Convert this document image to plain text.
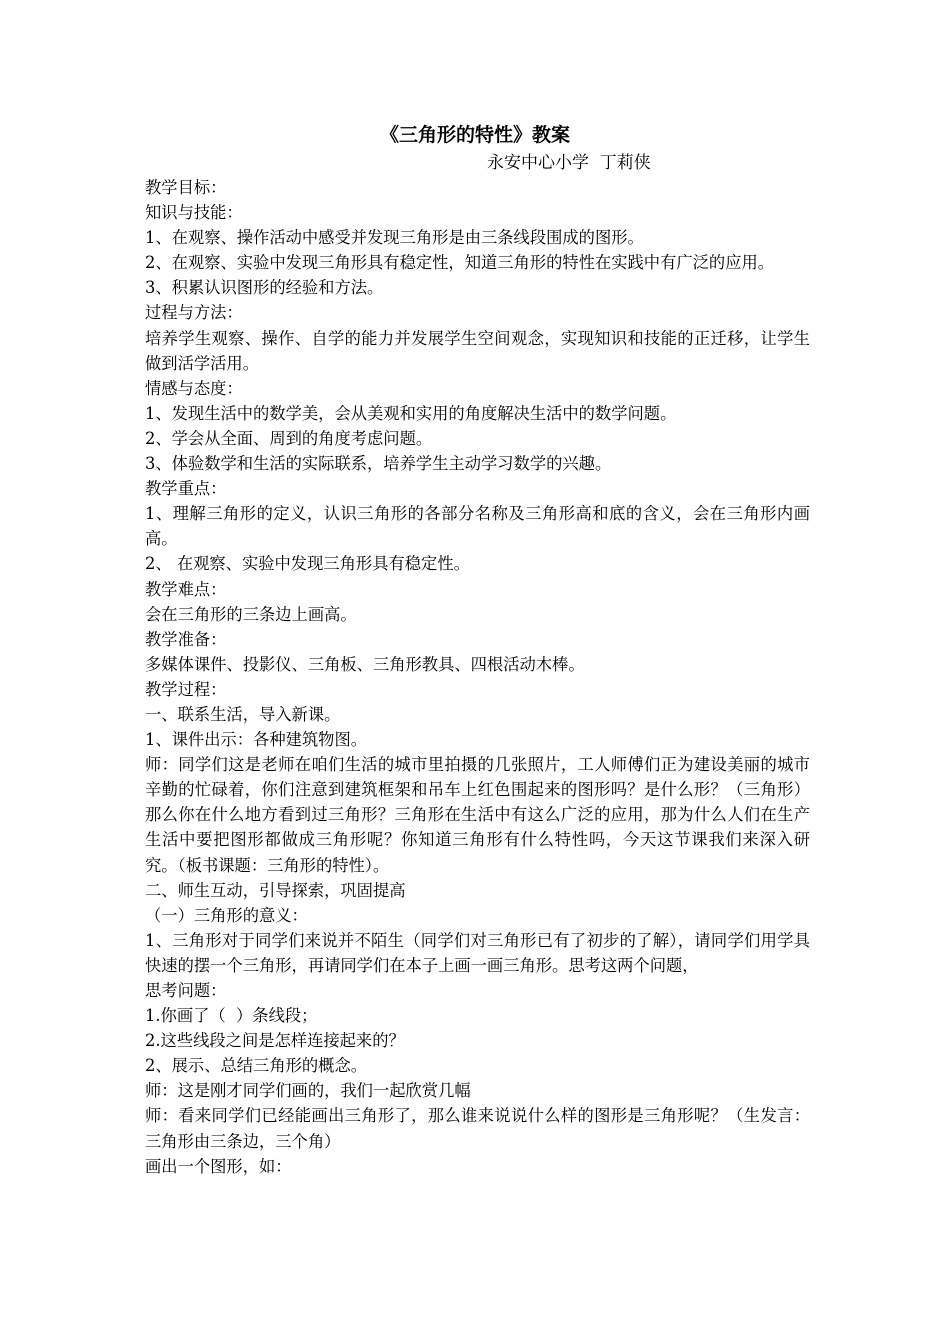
《三角形的特性》教案
永安中心小学  丁莉侠

教学目标：

知识与技能：

1、在观察、操作活动中感受并发现三角形是由三条线段围成的图形。

2、在观察、实验中发现三角形具有稳定性，知道三角形的特性在实践中有广泛的应用。

3、积累认识图形的经验和方法。

过程与方法：

培养学生观察、操作、自学的能力并发展学生空间观念，实现知识和技能的正迁移，让学生做到活学活用。

情感与态度：

1、发现生活中的数学美，会从美观和实用的角度解决生活中的数学问题。

2、学会从全面、周到的角度考虑问题。

3、体验数学和生活的实际联系，培养学生主动学习数学的兴趣。

教学重点：

1、理解三角形的定义，认识三角形的各部分名称及三角形高和底的含义，会在三角形内画高。

2、 在观察、实验中发现三角形具有稳定性。

教学难点：

会在三角形的三条边上画高。

教学准备：

多媒体课件、投影仪、三角板、三角形教具、四根活动木棒。

教学过程：

一、联系生活，导入新课。

1、课件出示：各种建筑物图。

师：同学们这是老师在咱们生活的城市里拍摄的几张照片，工人师傅们正为建设美丽的城市辛勤的忙碌着，你们注意到建筑框架和吊车上红色围起来的图形吗？是什么形？（三角形）那么你在什么地方看到过三角形？三角形在生活中有这么广泛的应用，那为什么人们在生产生活中要把图形都做成三角形呢？你知道三角形有什么特性吗，今天这节课我们来深入研究。（板书课题：三角形的特性）。

二、师生互动，引导探索，巩固提高

（一）三角形的意义：

1、三角形对于同学们来说并不陌生（同学们对三角形已有了初步的了解），请同学们用学具快速的摆一个三角形，再请同学们在本子上画一画三角形。思考这两个问题，

思考问题：

1.你画了（  ）条线段；

2.这些线段之间是怎样连接起来的？

2、展示、总结三角形的概念。

师：这是刚才同学们画的，我们一起欣赏几幅

师：看来同学们已经能画出三角形了，那么谁来说说什么样的图形是三角形呢？（生发言：三角形由三条边，三个角）

画出一个图形，如：
